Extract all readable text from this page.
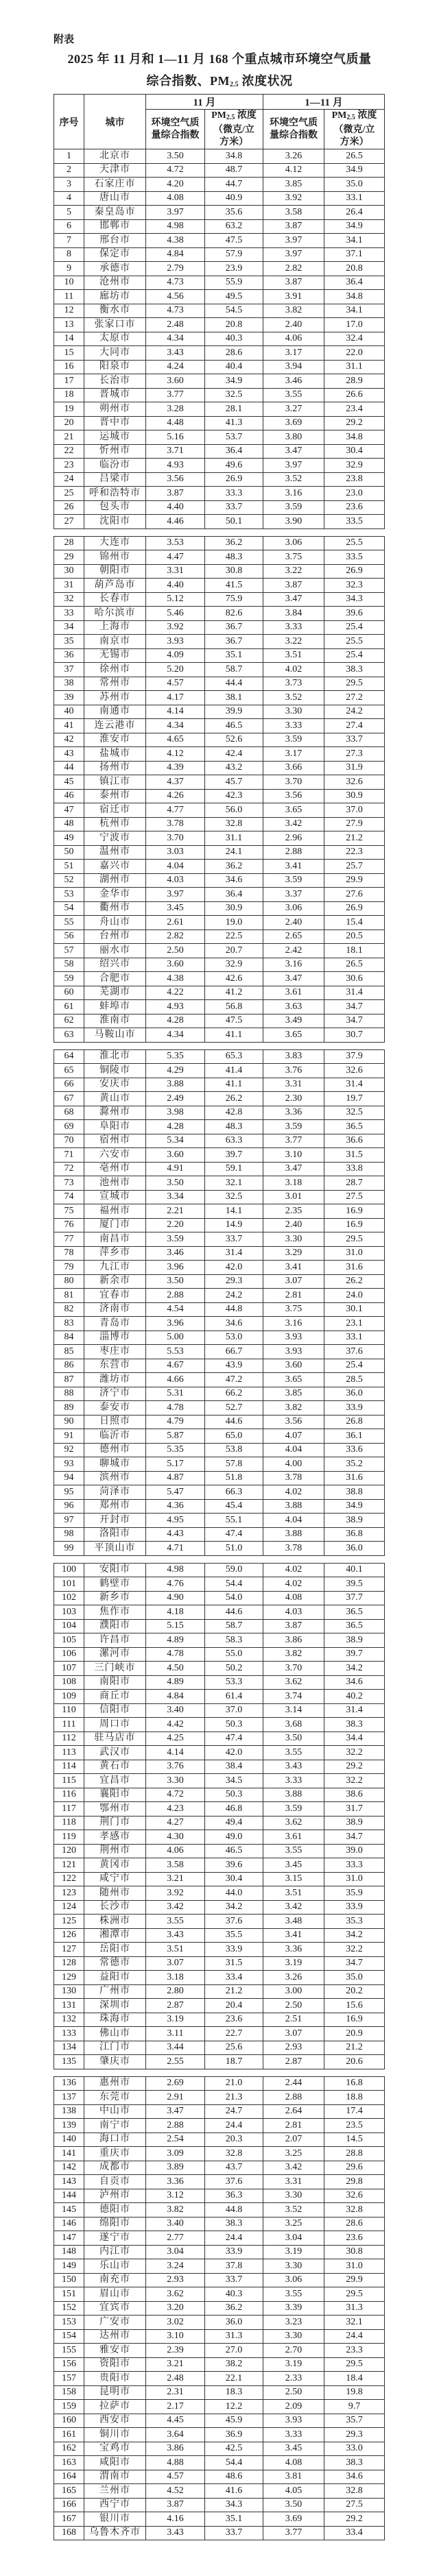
附表
2025 年 11 月和 1—11 月 168 个重点城市环境空气质量
综合指数、$PM_{2.5}$ 浓度状况
序号	城市	11 月		1—11 月	

环境空气质
量综合指数

$PM_{2.5}$ 浓度
（微克/立
方米）

环境空气质
量综合指数

$PM_{2.5}$ 浓度
（微克/立
方米）

1	北京市	3.50	34.8	3.26	26.5
2	天津市	4.72	48.7	4.12	34.9
3	石家庄市	4.20	44.7	3.85	35.0
4	唐山市	4.08	40.9	3.92	33.1
5	秦皇岛市	3.97	35.6	3.58	26.4
6	邯郸市	4.98	63.2	3.87	34.9
7	邢台市	4.38	47.5	3.97	34.1
8	保定市	4.84	57.9	3.97	37.1
9	承德市	2.79	23.9	2.82	20.8
10	沧州市	4.73	55.9	3.87	36.4
11	廊坊市	4.56	49.5	3.91	34.8
12	衡水市	4.73	54.5	3.82	34.1
13	张家口市	2.48	20.8	2.40	17.0
14	太原市	4.34	40.3	4.06	32.4
15	大同市	3.43	28.6	3.17	22.0
16	阳泉市	4.24	40.4	3.94	31.1
17	长治市	3.60	34.9	3.46	28.9
18	晋城市	3.77	32.5	3.55	26.6
19	朔州市	3.28	28.1	3.27	23.4
20	晋中市	4.48	41.3	3.69	29.2
21	运城市	5.16	53.7	3.80	34.8
22	忻州市	3.71	36.4	3.47	30.4
23	临汾市	4.93	49.6	3.97	32.9
24	吕梁市	3.56	26.9	3.52	23.8
25	呼和浩特市	3.87	33.3	3.16	23.0
26	包头市	4.40	33.7	3.59	23.6
27	沈阳市	4.46	50.1	3.90	33.5
28	大连市	3.53	36.2	3.06	25.5
29	锦州市	4.47	48.3	3.75	33.5
30	朝阳市	3.31	30.8	3.22	26.9
31	葫芦岛市	4.40	41.5	3.87	32.3
32	长春市	5.12	75.9	3.47	34.3
33	哈尔滨市	5.46	82.6	3.84	39.6
34	上海市	3.92	36.7	3.33	25.4
35	南京市	3.93	36.7	3.22	25.5
36	无锡市	4.09	35.1	3.51	25.4
37	徐州市	5.20	58.7	4.02	38.3
38	常州市	4.57	44.4	3.73	29.5
39	苏州市	4.17	38.1	3.52	27.2
40	南通市	4.14	39.9	3.30	24.2
41	连云港市	4.34	46.5	3.33	27.4
42	淮安市	4.65	52.6	3.59	33.7
43	盐城市	4.12	42.4	3.17	27.3
44	扬州市	4.39	43.2	3.66	31.9
45	镇江市	4.37	45.7	3.70	32.6
46	泰州市	4.26	42.3	3.56	30.9
47	宿迁市	4.77	56.0	3.65	37.0
48	杭州市	3.78	32.8	3.42	27.9
49	宁波市	3.70	31.1	2.96	21.2
50	温州市	3.03	24.1	2.88	22.3
51	嘉兴市	4.04	36.2	3.41	25.7
52	湖州市	4.03	34.6	3.59	29.9
53	金华市	3.97	36.4	3.37	27.6
54	衢州市	3.45	30.9	3.06	26.9
55	舟山市	2.61	19.0	2.40	15.4
56	台州市	2.82	22.5	2.65	20.5
57	丽水市	2.50	20.7	2.42	18.1
58	绍兴市	3.60	32.9	3.16	26.5
59	合肥市	4.38	42.6	3.47	30.6
60	芜湖市	4.22	41.2	3.61	31.4
61	蚌埠市	4.93	56.8	3.63	34.7
62	淮南市	4.28	47.5	3.49	34.7
63	马鞍山市	4.34	41.1	3.65	30.7
64	淮北市	5.35	65.3	3.83	37.9
65	铜陵市	4.29	41.4	3.76	32.6
66	安庆市	3.88	41.1	3.31	31.4
67	黄山市	2.49	26.2	2.30	19.7
68	滁州市	3.98	42.8	3.36	32.5
69	阜阳市	4.28	48.3	3.59	36.5
70	宿州市	5.34	63.3	3.77	36.6
71	六安市	3.60	39.7	3.10	31.5
72	亳州市	4.91	59.1	3.47	33.8
73	池州市	3.50	32.1	3.18	28.7
74	宣城市	3.34	32.5	3.01	27.5
75	福州市	2.21	14.1	2.35	16.9
76	厦门市	2.20	14.9	2.40	16.9
77	南昌市	3.59	33.7	3.30	29.5
78	萍乡市	3.46	31.4	3.29	31.0
79	九江市	3.96	42.0	3.41	31.6
80	新余市	3.50	29.3	3.07	26.2
81	宜春市	2.88	24.2	2.81	24.0
82	济南市	4.54	44.8	3.75	30.1
83	青岛市	3.96	34.6	3.16	23.1
84	淄博市	5.00	53.0	3.93	33.1
85	枣庄市	5.53	66.7	3.93	37.6
86	东营市	4.67	43.9	3.60	25.4
87	潍坊市	4.66	47.2	3.65	28.5
88	济宁市	5.31	66.2	3.85	36.0
89	泰安市	4.78	52.7	3.82	33.9
90	日照市	4.79	44.6	3.56	26.8
91	临沂市	5.87	65.0	4.07	36.1
92	德州市	5.35	53.8	4.04	33.6
93	聊城市	5.17	57.8	4.00	35.2
94	滨州市	4.87	51.8	3.78	31.6
95	菏泽市	5.47	66.3	4.02	38.8
96	郑州市	4.36	45.4	3.88	34.9
97	开封市	4.95	55.1	4.04	38.9
98	洛阳市	4.43	47.4	3.88	36.8
99	平顶山市	4.71	51.0	3.78	36.0
100	安阳市	4.98	59.0	4.02	40.1
101	鹤壁市	4.76	54.4	4.02	39.5
102	新乡市	4.90	54.0	4.08	37.7
103	焦作市	4.18	44.6	4.03	36.5
104	濮阳市	5.15	58.7	3.87	36.5
105	许昌市	4.89	58.3	3.86	38.9
106	漯河市	4.78	55.0	3.82	39.7
107	三门峡市	4.50	50.2	3.70	34.2
108	南阳市	4.89	53.3	3.62	34.6
109	商丘市	4.84	61.4	3.74	40.2
110	信阳市	3.40	37.0	3.14	31.4
111	周口市	4.42	50.3	3.68	38.3
112	驻马店市	4.25	47.4	3.50	34.4
113	武汉市	4.14	42.0	3.55	32.2
114	黄石市	3.76	38.4	3.43	29.2
115	宜昌市	3.30	34.5	3.33	32.2
116	襄阳市	4.72	50.3	3.88	38.6
117	鄂州市	4.23	46.8	3.59	31.7
118	荆门市	4.27	49.4	3.62	38.9
119	孝感市	4.30	49.0	3.61	34.7
120	荆州市	4.06	46.5	3.55	39.0
121	黄冈市	3.58	39.6	3.45	33.3
122	咸宁市	3.21	30.4	3.15	31.0
123	随州市	3.92	44.0	3.51	35.9
124	长沙市	3.42	34.2	3.42	33.9
125	株洲市	3.55	37.6	3.48	35.3
126	湘潭市	3.43	35.5	3.41	34.2
127	岳阳市	3.51	33.9	3.36	32.2
128	常德市	3.07	31.5	3.19	34.7
129	益阳市	3.18	33.4	3.26	35.0
130	广州市	2.80	21.2	3.00	20.2
131	深圳市	2.87	20.4	2.50	15.6
132	珠海市	3.19	23.6	2.51	16.9
133	佛山市	3.11	22.7	3.07	20.9
134	江门市	3.44	25.6	2.93	21.2
135	肇庆市	2.55	18.7	2.87	20.6
136	惠州市	2.69	21.0	2.44	16.8
137	东莞市	2.91	21.3	2.88	18.8
138	中山市	3.47	24.7	2.64	17.4
139	南宁市	2.88	24.4	2.81	23.5
140	海口市	2.54	20.3	2.07	14.5
141	重庆市	3.09	32.8	3.25	28.8
142	成都市	3.89	43.7	3.42	29.6
143	自贡市	3.36	37.6	3.31	29.8
144	泸州市	3.12	36.3	3.30	32.6
145	德阳市	3.82	44.8	3.52	32.8
146	绵阳市	3.40	38.3	3.25	28.6
147	遂宁市	2.77	24.4	3.04	23.6
148	内江市	3.04	33.9	3.19	30.8
149	乐山市	3.24	37.8	3.30	31.0
150	南充市	2.93	33.7	3.06	29.9
151	眉山市	3.62	40.3	3.55	29.5
152	宜宾市	3.20	36.2	3.39	31.3
153	广安市	3.02	36.0	3.23	32.1
154	达州市	3.10	31.3	3.30	24.4
155	雅安市	2.39	27.0	2.70	23.3
156	资阳市	3.21	38.2	3.19	29.5
157	贵阳市	2.48	22.1	2.33	18.4
158	昆明市	2.31	18.3	2.50	19.8
159	拉萨市	2.17	12.2	2.09	9.7
160	西安市	4.45	45.9	3.93	35.7
161	铜川市	3.64	36.9	3.33	29.3
162	宝鸡市	3.86	42.5	3.45	33.0
163	咸阳市	4.88	54.4	4.08	38.3
164	渭南市	4.57	48.6	3.81	34.6
165	兰州市	4.52	41.6	4.05	32.8
166	西宁市	3.87	34.3	3.50	27.5
167	银川市	4.16	35.1	3.69	29.2
168	乌鲁木齐市	3.43	33.7	3.77	33.4
